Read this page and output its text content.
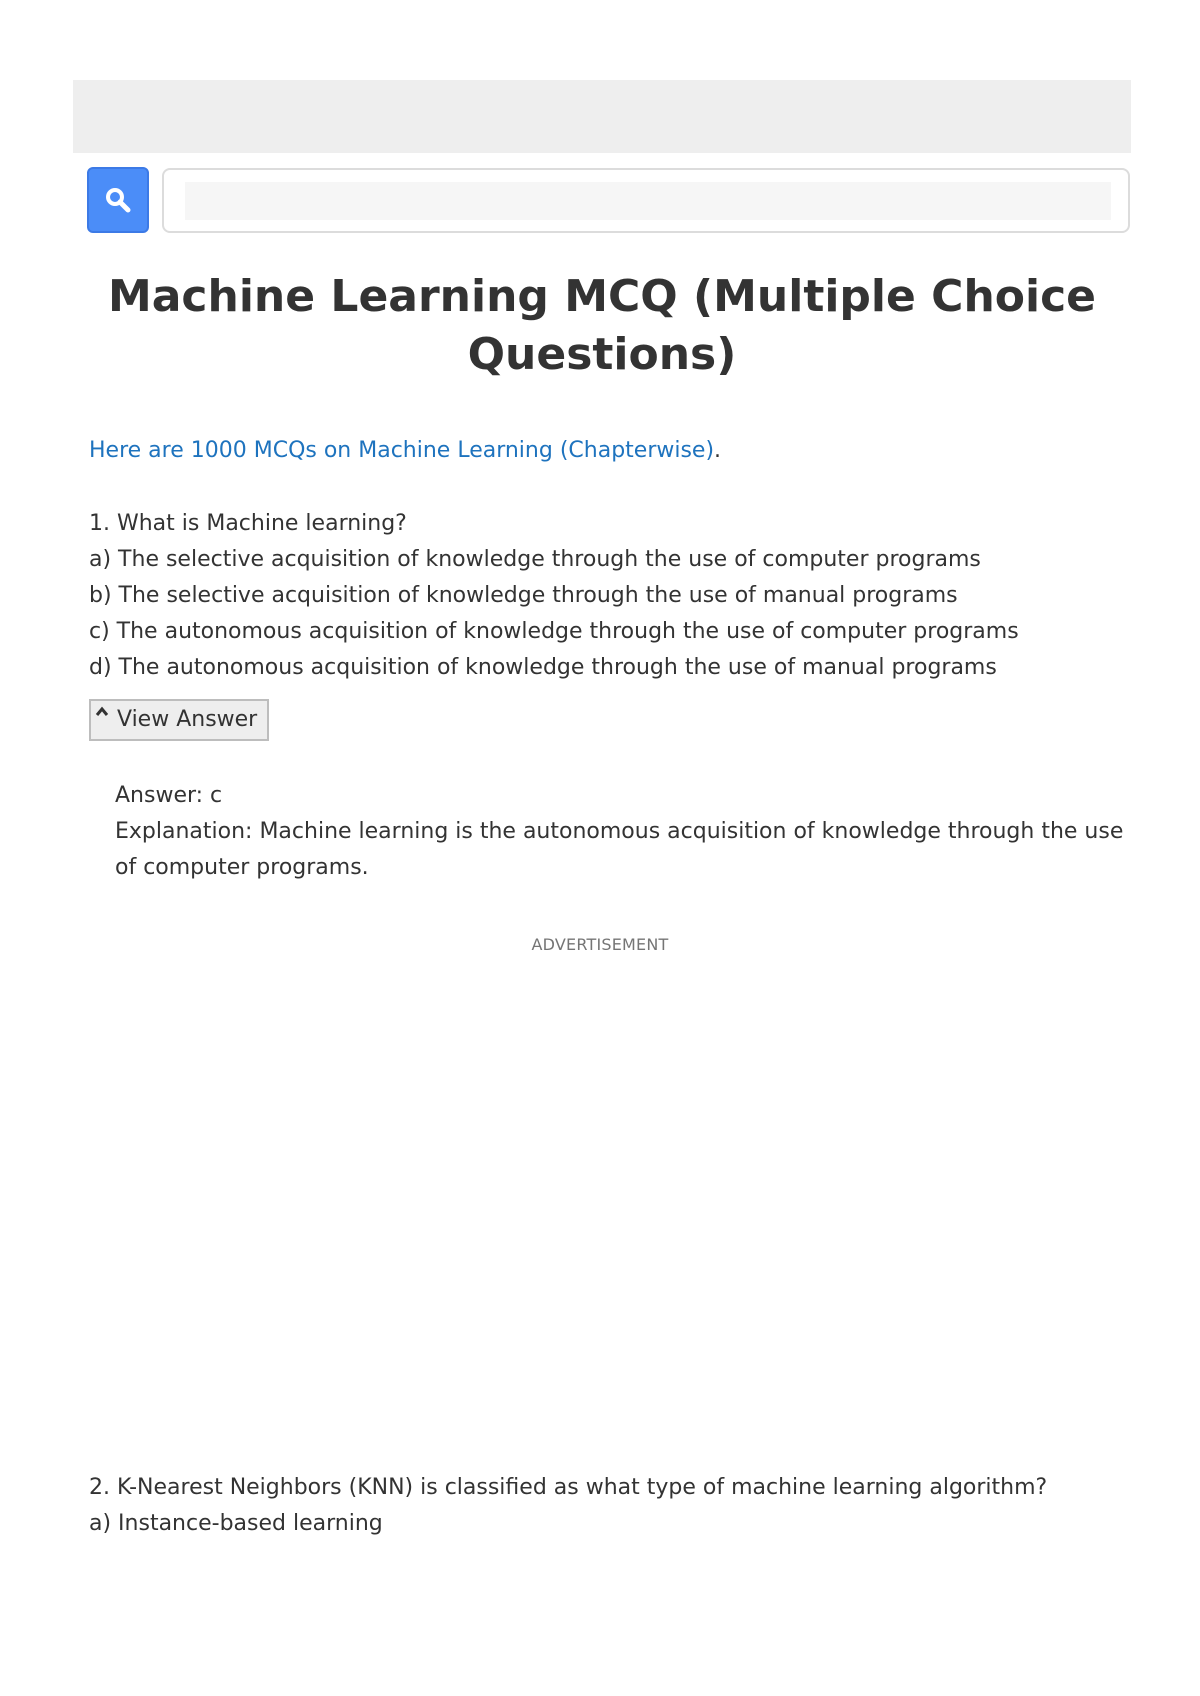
Machine Learning MCQ (Multiple Choice Questions)
Here are 1000 MCQs on Machine Learning (Chapterwise).

1. What is Machine learning?

a) The selective acquisition of knowledge through the use of computer programs

b) The selective acquisition of knowledge through the use of manual programs

c) The autonomous acquisition of knowledge through the use of computer programs

d) The autonomous acquisition of knowledge through the use of manual programs

View Answer

Answer: c

Explanation: Machine learning is the autonomous acquisition of knowledge through the use of computer programs.

ADVERTISEMENT

2. K-Nearest Neighbors (KNN) is classified as what type of machine learning algorithm?

a) Instance-based learning
